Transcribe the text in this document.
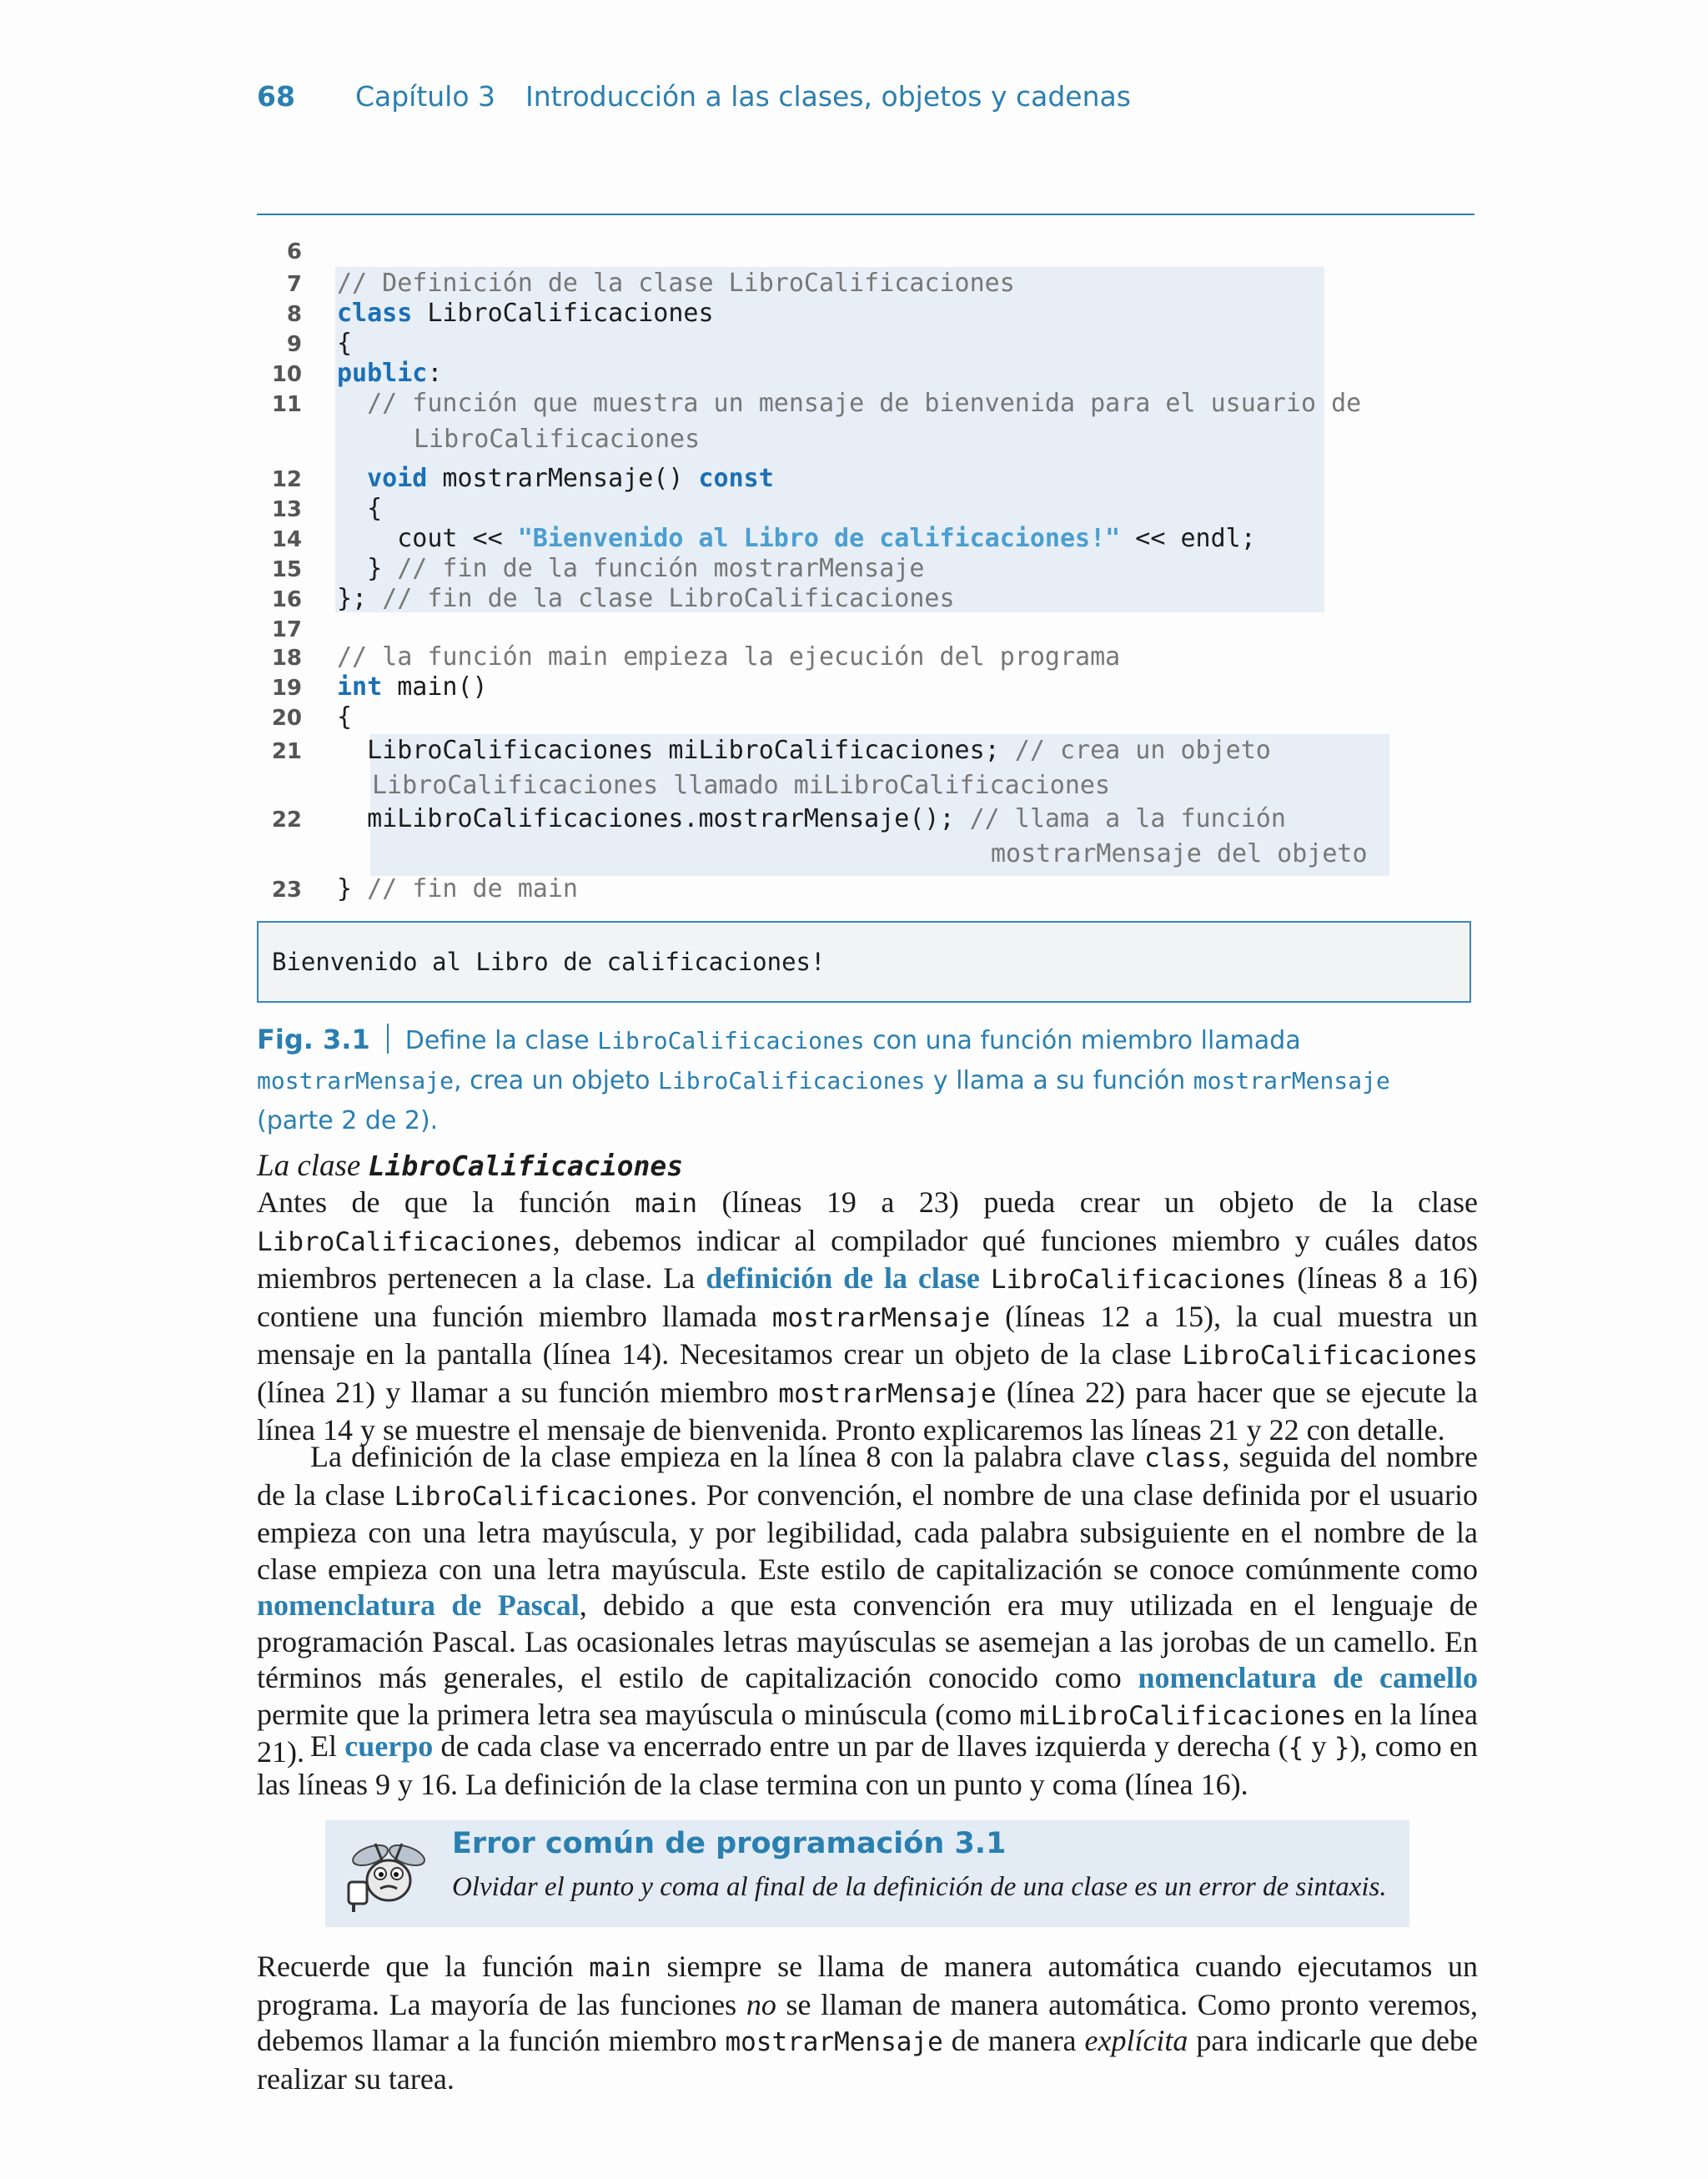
68 Capítulo 3 Introducción a las clases, objetos y cadenas
6
7 // Definición de la clase LibroCalificaciones
8 class LibroCalificaciones
9 {
10 public:
11	// función que muestra un mensaje de bienvenida para el usuario de
LibroCalificaciones
12	void mostrarMensaje() const
13	{
14	cout << "Bienvenido al Libro de calificaciones!" << endl;
15	} // fin de la función mostrarMensaje
16 }; // fin de la clase LibroCalificaciones
17
18 // la función main empieza la ejecución del programa
19 int main()
20 {
21	LibroCalificaciones miLibroCalificaciones; // crea un objeto
LibroCalificaciones llamado miLibroCalificaciones
22	miLibroCalificaciones.mostrarMensaje(); // llama a la función
mostrarMensaje del objeto
23 } // fin de main
Bienvenido al Libro de calificaciones!
Fig. 3.1 Define la clase LibroCalificaciones con una función miembro llamada mostrarMensaje, crea un objeto LibroCalificaciones y llama a su función mostrarMensaje (parte 2 de 2).
La clase LibroCalificaciones
Antes de que la función main (líneas 19 a 23) pueda crear un objeto de la clase LibroCalificaciones, debemos indicar al compilador qué funciones miembro y cuáles datos miembros pertenecen a la clase. La definición de la clase LibroCalificaciones (líneas 8 a 16) contiene una función miembro llamada mostrarMensaje (líneas 12 a 15), la cual muestra un mensaje en la pantalla (línea 14). Necesitamos crear un objeto de la clase LibroCalificaciones (línea 21) y llamar a su función miembro mostrarMensaje (línea 22) para hacer que se ejecute la línea 14 y se muestre el mensaje de bienvenida. Pronto explicaremos las líneas 21 y 22 con detalle.
La definición de la clase empieza en la línea 8 con la palabra clave class, seguida del nombre de la clase LibroCalificaciones. Por convención, el nombre de una clase definida por el usuario empieza con una letra mayúscula, y por legibilidad, cada palabra subsiguiente en el nombre de la clase empieza con una letra mayúscula. Este estilo de capitalización se conoce comúnmente como nomenclatura de Pascal, debido a que esta convención era muy utilizada en el lenguaje de programación Pascal. Las ocasionales letras mayúsculas se asemejan a las jorobas de un camello. En términos más generales, el estilo de capitalización conocido como nomenclatura de camello permite que la primera letra sea mayúscula o minúscula (como miLibroCalificaciones en la línea 21). El cuerpo de cada clase va encerrado entre un par de llaves izquierda y derecha ({ y }), como en las líneas 9 y 16. La definición de la clase termina con un punto y coma (línea 16).
Error común de programación 3.1
Olvidar el punto y coma al final de la definición de una clase es un error de sintaxis.
Recuerde que la función main siempre se llama de manera automática cuando ejecutamos un programa. La mayoría de las funciones no se llaman de manera automática. Como pronto veremos, debemos llamar a la función miembro mostrarMensaje de manera explícita para indicarle que debe realizar su tarea.
